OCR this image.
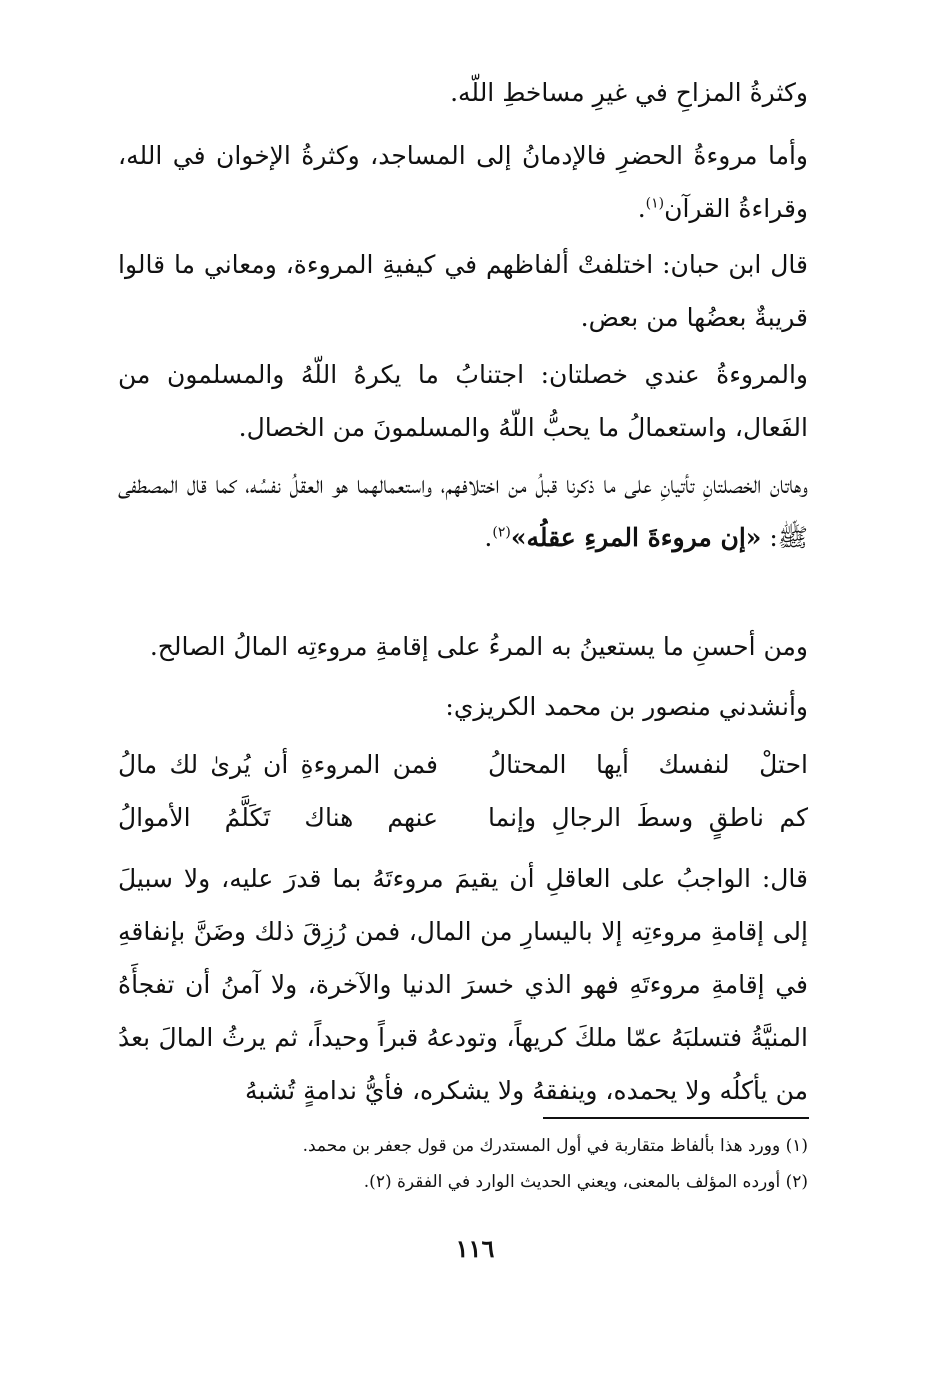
وكثرةُ المزاحِ في غيرِ مساخطِ اللّه.

وأما مروءةُ الحضرِ فالإدمانُ إلى المساجد، وكثرةُ الإخوان في الله، وقراءةُ القرآن$^{(١)}$.

قال ابن حبان: اختلفتْ ألفاظهم في كيفيةِ المروءة، ومعاني ما قالوا قريبةٌ بعضُها من بعض.

والمروءةُ عندي خصلتان: اجتنابُ ما يكرهُ اللّهُ والمسلمون من الفَعال، واستعمالُ ما يحبُّ اللّهُ والمسلمونَ من الخصال.

وهاتان الخصلتانِ تأتيانِ على ما ذكرنا قبلُ من اختلافهم، واستعمالهما هو العقلُ نفسُه، كما قال المصطفى ﷺ: «إن مروءةَ المرءِ عقلُه»$^{(٢)}$.

ومن أحسنِ ما يستعينُ به المرءُ على إقامةِ مروءتِه المالُ الصالح.

وأنشدني منصور بن محمد الكريزي:

احتلْ لنفسك أيها المحتالُ
فمن المروءةِ أن يُرىٰ لك مالُ
كم ناطقٍ وسطَ الرجالِ وإنما
عنهم هناك تَكَلَّمُ الأموالُ

قال: الواجبُ على العاقلِ أن يقيمَ مروءتَهُ بما قدرَ عليه، ولا سبيلَ إلى إقامةِ مروءتِه إلا باليسارِ من المال، فمن رُزِقَ ذلك وضَنَّ بإنفاقهِ في إقامةِ مروءتَهِ فهو الذي خسرَ الدنيا والآخرة، ولا آمنُ أن تفجأَهُ المنيَّةُ فتسلبَهُ عمّا ملكَ كريهاً، وتودعهُ قبراً وحيداً، ثم يرثُ المالَ بعدُ من يأكلُه ولا يحمده، وينفقهُ ولا يشكره، فأيُّ ندامةٍ تُشبهُ

(١) وورد هذا بألفاظ متقاربة في أول المستدرك من قول جعفر بن محمد.

(٢) أورده المؤلف بالمعنى، ويعني الحديث الوارد في الفقرة (٢).

١١٦
